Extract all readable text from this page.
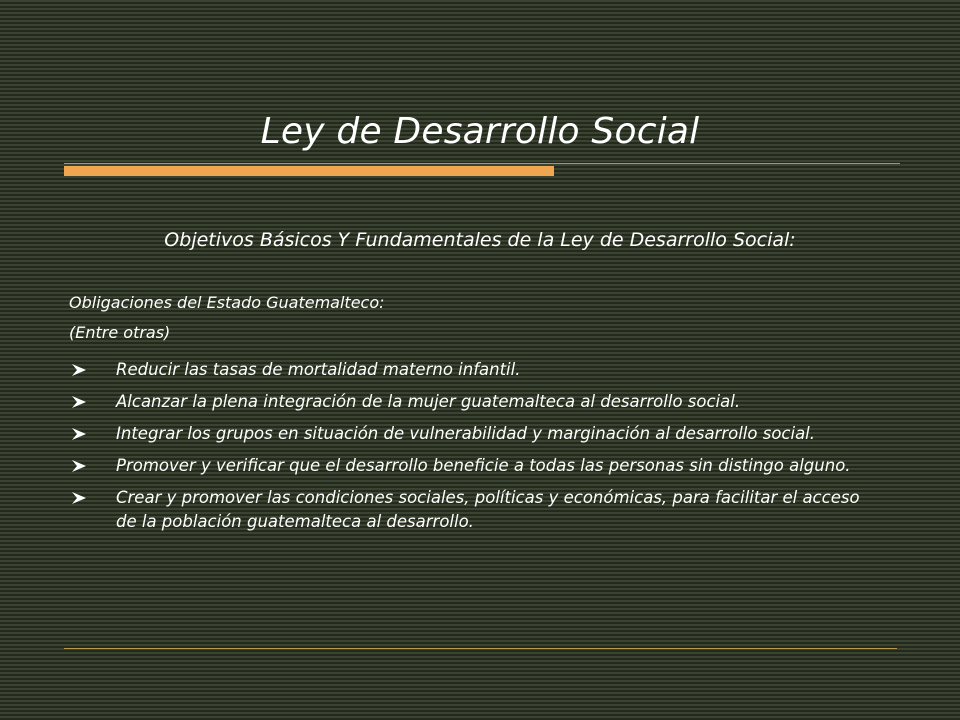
Ley de Desarrollo Social
Objetivos Básicos Y Fundamentales de la Ley de Desarrollo Social:
Obligaciones del Estado Guatemalteco:
(Entre otras)
Reducir las tasas de mortalidad materno infantil.
Alcanzar la plena integración de la mujer guatemalteca al desarrollo social.
Integrar los grupos en situación de vulnerabilidad y marginación al desarrollo social.
Promover y verificar que el desarrollo beneficie a todas las personas sin distingo alguno.
Crear y promover las condiciones sociales, políticas y económicas, para facilitar el acceso de la población guatemalteca al desarrollo.
